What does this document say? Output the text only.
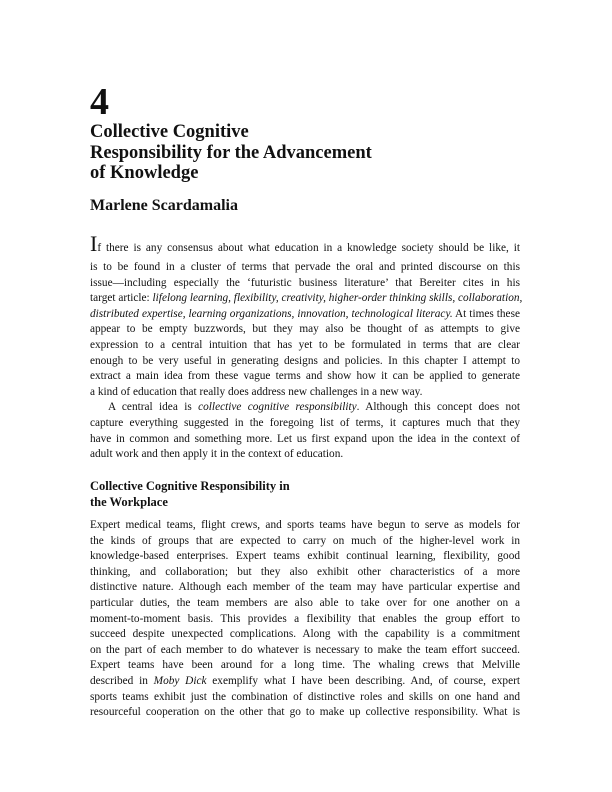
4
Collective Cognitive
Responsibility for the Advancement
of Knowledge
Marlene Scardamalia
If there is any consensus about what education in a knowledge society should be like, it
is to be found in a cluster of terms that pervade the oral and printed discourse on this
issue—including especially the ‘futuristic business literature’ that Bereiter cites in his
target article: lifelong learning, flexibility, creativity, higher-order thinking skills, collaboration,
distributed expertise, learning organizations, innovation, technological literacy. At times these
appear to be empty buzzwords, but they may also be thought of as attempts to give
expression to a central intuition that has yet to be formulated in terms that are clear
enough to be very useful in generating designs and policies. In this chapter I attempt to
extract a main idea from these vague terms and show how it can be applied to generate
a kind of education that really does address new challenges in a new way.
A central idea is collective cognitive responsibility. Although this concept does not
capture everything suggested in the foregoing list of terms, it captures much that they
have in common and something more. Let us first expand upon the idea in the context of
adult work and then apply it in the context of education.
Collective Cognitive Responsibility in
the Workplace
Expert medical teams, flight crews, and sports teams have begun to serve as models for
the kinds of groups that are expected to carry on much of the higher-level work in
knowledge-based enterprises. Expert teams exhibit continual learning, flexibility, good
thinking, and collaboration; but they also exhibit other characteristics of a more
distinctive nature. Although each member of the team may have particular expertise and
particular duties, the team members are also able to take over for one another on a
moment-to-moment basis. This provides a flexibility that enables the group effort to
succeed despite unexpected complications. Along with the capability is a commitment
on the part of each member to do whatever is necessary to make the team effort succeed.
Expert teams have been around for a long time. The whaling crews that Melville
described in Moby Dick exemplify what I have been describing. And, of course, expert
sports teams exhibit just the combination of distinctive roles and skills on one hand and
resourceful cooperation on the other that go to make up collective responsibility. What is
